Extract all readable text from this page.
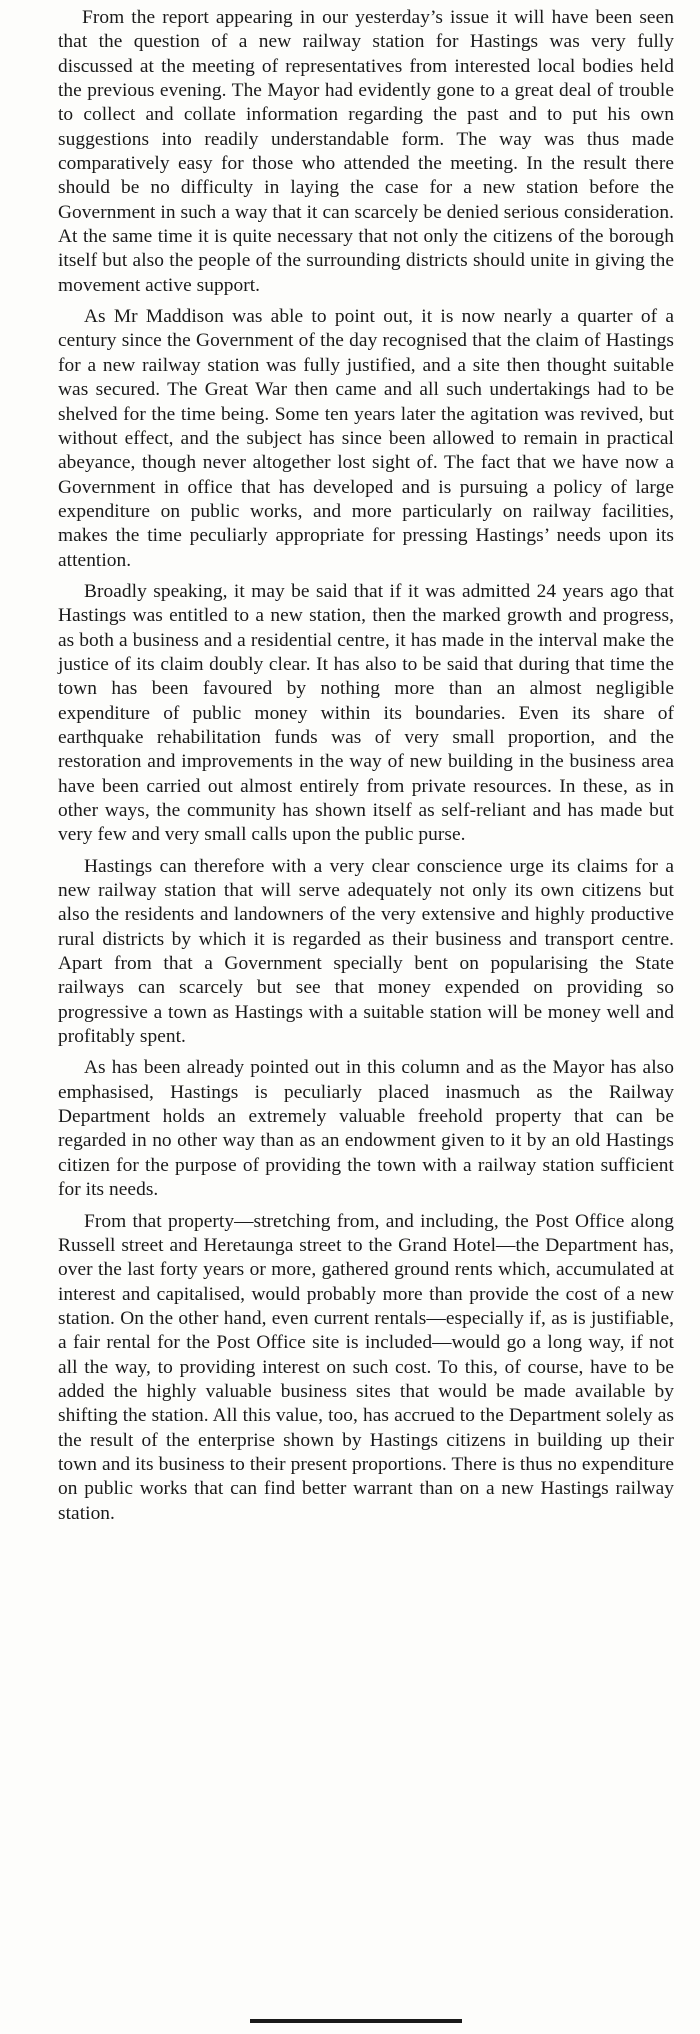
From the report appearing in our yesterday’s issue it will have been seen that the question of a new railway station for Hastings was very fully discussed at the meeting of representatives from interested local bodies held the previous evening. The Mayor had evidently gone to a great deal of trouble to collect and collate information regarding the past and to put his own suggestions into readily understandable form. The way was thus made comparatively easy for those who attended the meeting. In the result there should be no difficulty in laying the case for a new station before the Government in such a way that it can scarcely be denied serious consideration. At the same time it is quite necessary that not only the citizens of the borough itself but also the people of the surrounding districts should unite in giving the movement active support.

As Mr Maddison was able to point out, it is now nearly a quarter of a century since the Government of the day recognised that the claim of Hastings for a new railway station was fully justified, and a site then thought suitable was secured. The Great War then came and all such undertakings had to be shelved for the time being. Some ten years later the agitation was revived, but without effect, and the subject has since been allowed to remain in practical abeyance, though never altogether lost sight of. The fact that we have now a Government in office that has developed and is pursuing a policy of large expenditure on public works, and more particularly on railway facilities, makes the time peculiarly appropriate for pressing Hastings’ needs upon its attention.

Broadly speaking, it may be said that if it was admitted 24 years ago that Hastings was entitled to a new station, then the marked growth and progress, as both a business and a residential centre, it has made in the interval make the justice of its claim doubly clear. It has also to be said that during that time the town has been favoured by nothing more than an almost negligible expenditure of public money within its boundaries. Even its share of earthquake rehabilitation funds was of very small proportion, and the restoration and improvements in the way of new building in the business area have been carried out almost entirely from private resources. In these, as in other ways, the community has shown itself as self-reliant and has made but very few and very small calls upon the public purse.

Hastings can therefore with a very clear conscience urge its claims for a new railway station that will serve adequately not only its own citizens but also the residents and landowners of the very extensive and highly productive rural districts by which it is regarded as their business and transport centre. Apart from that a Government specially bent on popularising the State railways can scarcely but see that money expended on providing so progressive a town as Hastings with a suitable station will be money well and profitably spent.

As has been already pointed out in this column and as the Mayor has also emphasised, Hastings is peculiarly placed inasmuch as the Railway Department holds an extremely valuable freehold property that can be regarded in no other way than as an endowment given to it by an old Hastings citizen for the purpose of providing the town with a railway station sufficient for its needs.

From that property—stretching from, and including, the Post Office along Russell street and Heretaunga street to the Grand Hotel—the Department has, over the last forty years or more, gathered ground rents which, accumulated at interest and capitalised, would probably more than provide the cost of a new station. On the other hand, even current rentals—especially if, as is justifiable, a fair rental for the Post Office site is included—would go a long way, if not all the way, to providing interest on such cost. To this, of course, have to be added the highly valuable business sites that would be made available by shifting the station. All this value, too, has accrued to the Department solely as the result of the enterprise shown by Hastings citizens in building up their town and its business to their present proportions. There is thus no expenditure on public works that can find better warrant than on a new Hastings railway station.
